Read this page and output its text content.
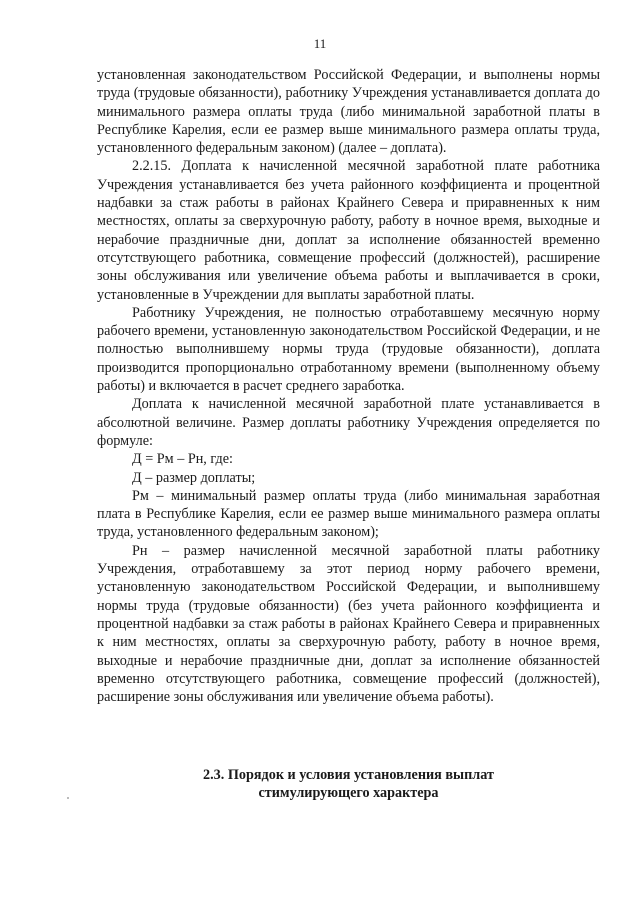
11

установленная законодательством Российской Федерации, и выполнены нормы труда (трудовые обязанности), работнику Учреждения устанавливается доплата до минимального размера оплаты труда (либо минимальной заработной платы в Республике Карелия, если ее размер выше минимального размера оплаты труда, установленного федеральным законом) (далее – доплата).

2.2.15. Доплата к начисленной месячной заработной плате работника Учреждения устанавливается без учета районного коэффициента и процентной надбавки за стаж работы в районах Крайнего Севера и приравненных к ним местностях, оплаты за сверхурочную работу, работу в ночное время, выходные и нерабочие праздничные дни, доплат за исполнение обязанностей временно отсутствующего работника, совмещение профессий (должностей), расширение зоны обслуживания или увеличение объема работы и выплачивается в сроки, установленные в Учреждении для выплаты заработной платы.

Работнику Учреждения, не полностью отработавшему месячную норму рабочего времени, установленную законодательством Российской Федерации, и не полностью выполнившему нормы труда (трудовые обязанности), доплата производится пропорционально отработанному времени (выполненному объему работы) и включается в расчет среднего заработка.

Доплата к начисленной месячной заработной плате устанавливается в абсолютной величине. Размер доплаты работнику Учреждения определяется по формуле:

Д = Рм – Рн, где:

Д – размер доплаты;

Рм – минимальный размер оплаты труда (либо минимальная заработная плата в Республике Карелия, если ее размер выше минимального размера оплаты труда, установленного федеральным законом);

Рн – размер начисленной месячной заработной платы работнику Учреждения, отработавшему за этот период норму рабочего времени, установленную законодательством Российской Федерации, и выполнившему нормы труда (трудовые обязанности) (без учета районного коэффициента и процентной надбавки за стаж работы в районах Крайнего Севера и приравненных к ним местностях, оплаты за сверхурочную работу, работу в ночное время, выходные и нерабочие праздничные дни, доплат за исполнение обязанностей временно отсутствующего работника, совмещение профессий (должностей), расширение зоны обслуживания или увеличение объема работы).

2.3. Порядок и условия установления выплат
стимулирующего характера
